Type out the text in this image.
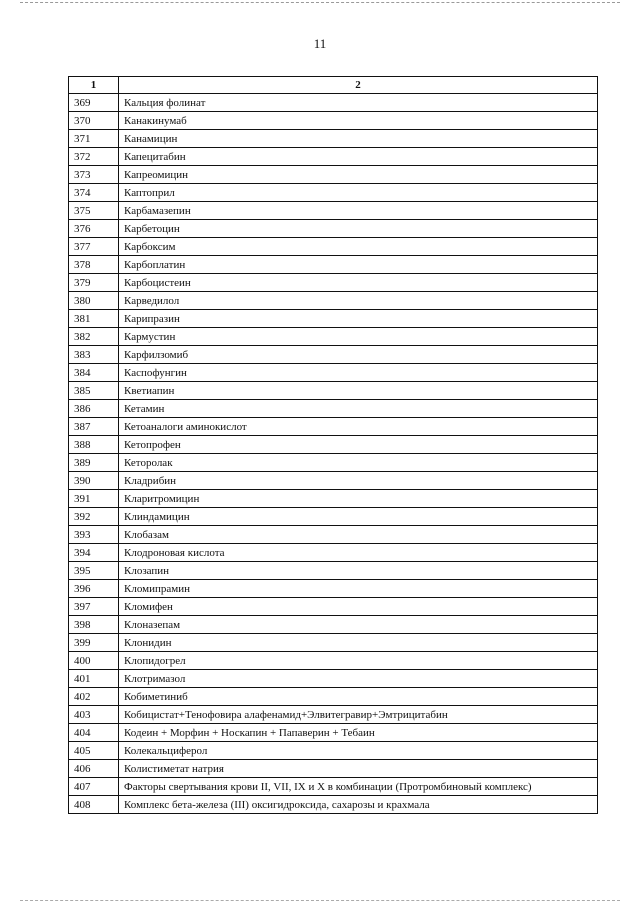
11
1	2
369	Кальция фолинат
370	Канакинумаб
371	Канамицин
372	Капецитабин
373	Капреомицин
374	Каптоприл
375	Карбамазепин
376	Карбетоцин
377	Карбоксим
378	Карбоплатин
379	Карбоцистеин
380	Карведилол
381	Карипразин
382	Кармустин
383	Карфилзомиб
384	Каспофунгин
385	Кветиапин
386	Кетамин
387	Кетоаналоги аминокислот
388	Кетопрофен
389	Кеторолак
390	Кладрибин
391	Кларитромицин
392	Клиндамицин
393	Клобазам
394	Клодроновая кислота
395	Клозапин
396	Кломипрамин
397	Кломифен
398	Клоназепам
399	Клонидин
400	Клопидогрел
401	Клотримазол
402	Кобиметиниб
403	Кобицистат+Тенофовира алафенамид+Элвитегравир+Эмтрицитабин
404	Кодеин + Морфин + Носкапин + Папаверин + Тебаин
405	Колекальциферол
406	Колистиметат натрия
407	Факторы свертывания крови II, VII, IX и X в комбинации (Протромбиновый комплекс)
408	Комплекс бета-железа (III) оксигидроксида, сахарозы и крахмала
